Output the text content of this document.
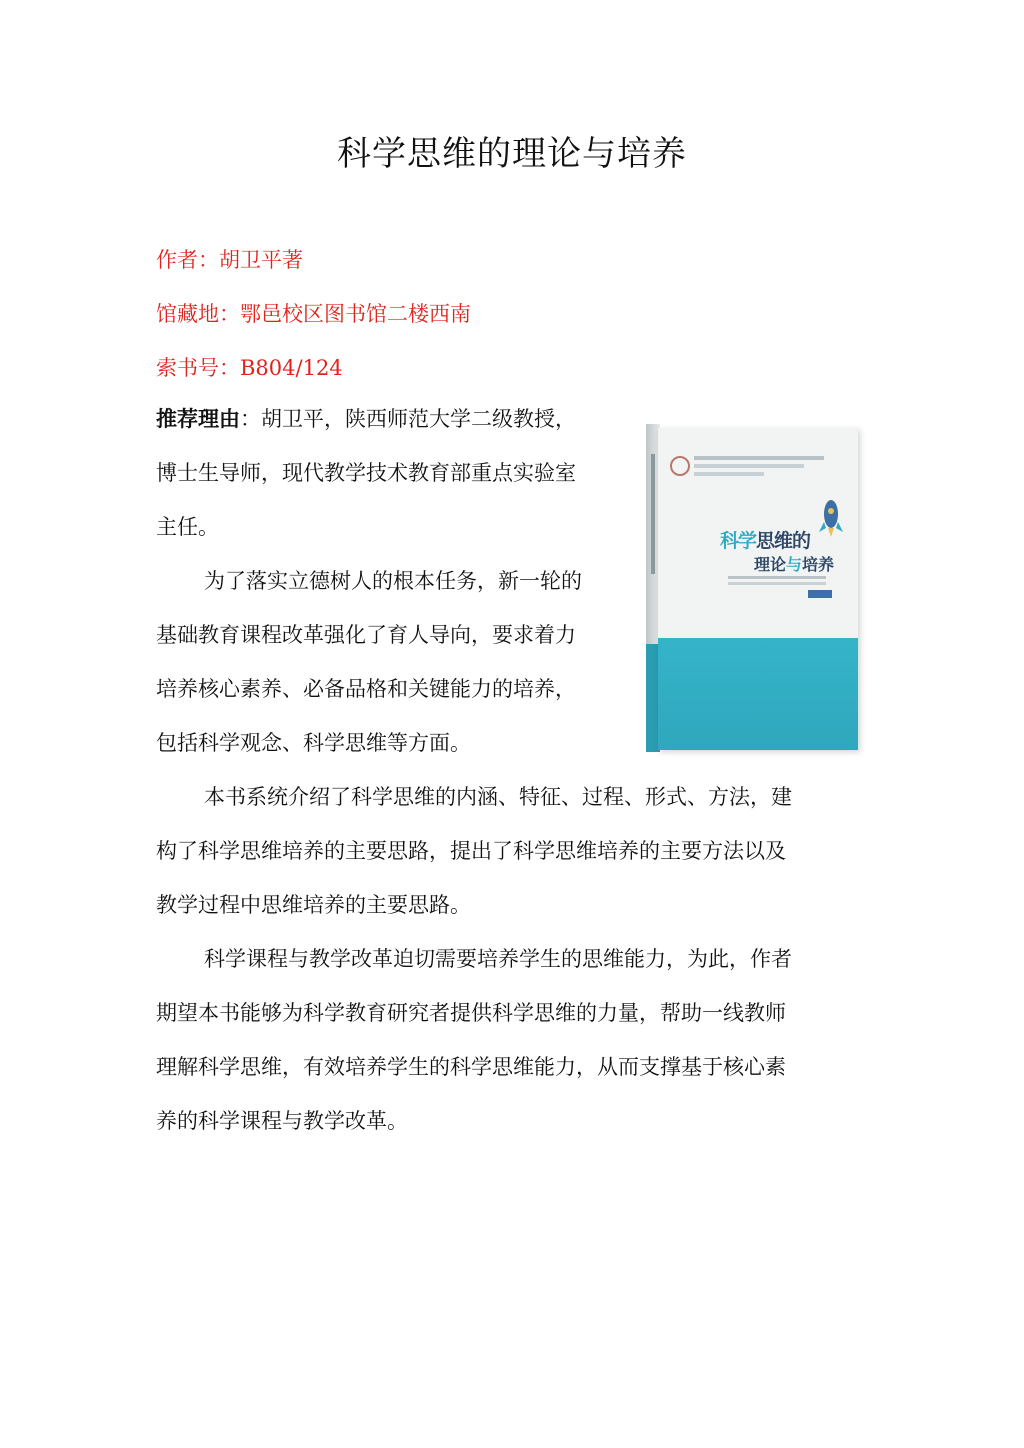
科学思维的理论与培养
作者：胡卫平著
馆藏地：鄂邑校区图书馆二楼西南
索书号：B804/124
推荐理由：胡卫平，陕西师范大学二级教授，
博士生导师，现代教学技术教育部重点实验室
主任。
为了落实立德树人的根本任务，新一轮的
基础教育课程改革强化了育人导向，要求着力
培养核心素养、必备品格和关键能力的培养，
包括科学观念、科学思维等方面。
科学思维的
理论与培养
本书系统介绍了科学思维的内涵、特征、过程、形式、方法，建
构了科学思维培养的主要思路，提出了科学思维培养的主要方法以及
教学过程中思维培养的主要思路。
科学课程与教学改革迫切需要培养学生的思维能力，为此，作者
期望本书能够为科学教育研究者提供科学思维的力量，帮助一线教师
理解科学思维，有效培养学生的科学思维能力，从而支撑基于核心素
养的科学课程与教学改革。
